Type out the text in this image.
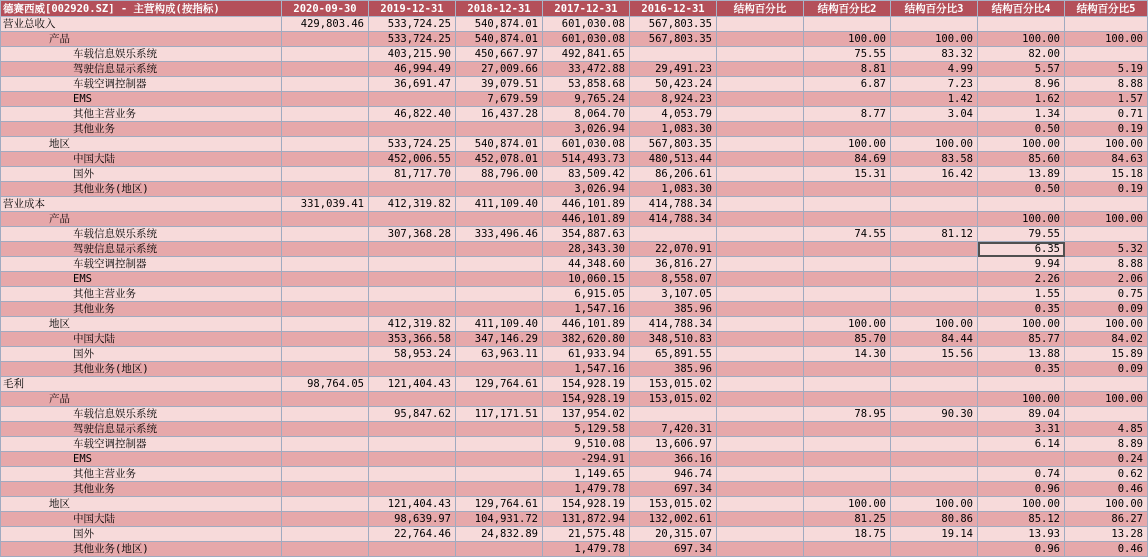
德赛西威[002920.SZ] - 主营构成(按指标)	2020-09-30	2019-12-31	2018-12-31	2017-12-31	2016-12-31	结构百分比	结构百分比2	结构百分比3	结构百分比4	结构百分比5
营业总收入	429,803.46	533,724.25	540,874.01	601,030.08	567,803.35					
产品		533,724.25	540,874.01	601,030.08	567,803.35		100.00	100.00	100.00	100.00
车载信息娱乐系统		403,215.90	450,667.97	492,841.65			75.55	83.32	82.00	
驾驶信息显示系统		46,994.49	27,009.66	33,472.88	29,491.23		8.81	4.99	5.57	5.19
车载空调控制器		36,691.47	39,079.51	53,858.68	50,423.24		6.87	7.23	8.96	8.88
EMS			7,679.59	9,765.24	8,924.23			1.42	1.62	1.57
其他主营业务		46,822.40	16,437.28	8,064.70	4,053.79		8.77	3.04	1.34	0.71
其他业务				3,026.94	1,083.30				0.50	0.19
地区		533,724.25	540,874.01	601,030.08	567,803.35		100.00	100.00	100.00	100.00
中国大陆		452,006.55	452,078.01	514,493.73	480,513.44		84.69	83.58	85.60	84.63
国外		81,717.70	88,796.00	83,509.42	86,206.61		15.31	16.42	13.89	15.18
其他业务(地区)				3,026.94	1,083.30				0.50	0.19
营业成本	331,039.41	412,319.82	411,109.40	446,101.89	414,788.34					
产品				446,101.89	414,788.34				100.00	100.00
车载信息娱乐系统		307,368.28	333,496.46	354,887.63			74.55	81.12	79.55	
驾驶信息显示系统				28,343.30	22,070.91				6.35	5.32
车载空调控制器				44,348.60	36,816.27				9.94	8.88
EMS				10,060.15	8,558.07				2.26	2.06
其他主营业务				6,915.05	3,107.05				1.55	0.75
其他业务				1,547.16	385.96				0.35	0.09
地区		412,319.82	411,109.40	446,101.89	414,788.34		100.00	100.00	100.00	100.00
中国大陆		353,366.58	347,146.29	382,620.80	348,510.83		85.70	84.44	85.77	84.02
国外		58,953.24	63,963.11	61,933.94	65,891.55		14.30	15.56	13.88	15.89
其他业务(地区)				1,547.16	385.96				0.35	0.09
毛利	98,764.05	121,404.43	129,764.61	154,928.19	153,015.02					
产品				154,928.19	153,015.02				100.00	100.00
车载信息娱乐系统		95,847.62	117,171.51	137,954.02			78.95	90.30	89.04	
驾驶信息显示系统				5,129.58	7,420.31				3.31	4.85
车载空调控制器				9,510.08	13,606.97				6.14	8.89
EMS				-294.91	366.16					0.24
其他主营业务				1,149.65	946.74				0.74	0.62
其他业务				1,479.78	697.34				0.96	0.46
地区		121,404.43	129,764.61	154,928.19	153,015.02		100.00	100.00	100.00	100.00
中国大陆		98,639.97	104,931.72	131,872.94	132,002.61		81.25	80.86	85.12	86.27
国外		22,764.46	24,832.89	21,575.48	20,315.07		18.75	19.14	13.93	13.28
其他业务(地区)				1,479.78	697.34				0.96	0.46
